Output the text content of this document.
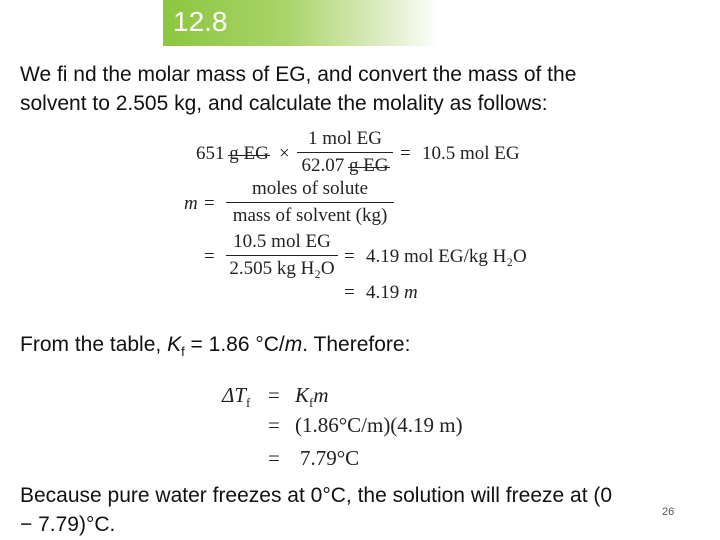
12.8

We fi nd the molar mass of EG, and convert the mass of the
solvent to 2.505 kg, and calculate the molality as follows:

651 g EG ×
1 mol EG
62.07 g EG
= 10.5 mol EG
m =
moles of solute
mass of solvent (kg)
=
10.5 mol EG
2.505 kg H₂O
= 4.19 mol EG/kg H₂O
= 4.19 m

From the table, $K_f = 1.86$ °C/m. Therefore:

$\Delta T_f = K_fm$
= (1.86°C/m)(4.19 m)
= 7.79°C

Because pure water freezes at 0°C, the solution will freeze at (0
− 7.79)°C.

26
